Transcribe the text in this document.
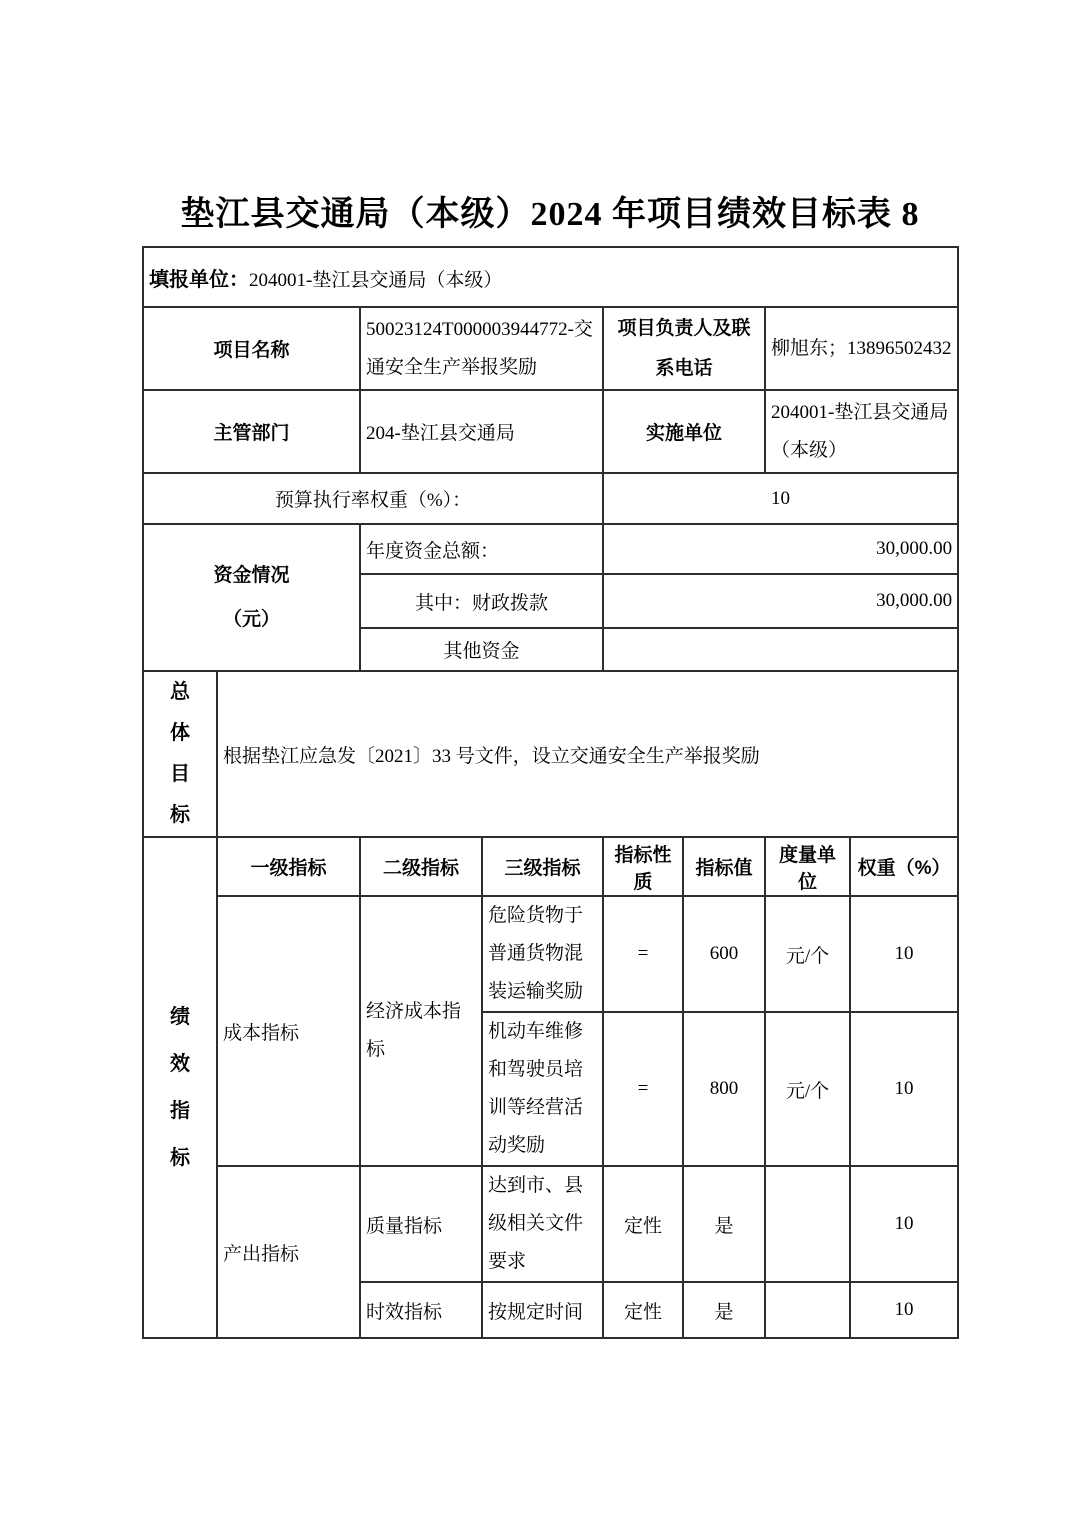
垫江县交通局（本级）2024 年项目绩效目标表 8
填报单位：204001-垫江县交通局（本级）							
项目名称		50023124T000003944772-交通安全生产举报奖励		项目负责人及联系电话		柳旭东；13896502432	
主管部门		204-垫江县交通局		实施单位		204001-垫江县交通局（本级）	
预算执行率权重（%）：				10			

资金情况
（元）		年度资金总额：		30,000.00			
		其中：财政拨款		30,000.00			
		其他资金					

总体目标	根据垫江应急发〔2021〕33 号文件，设立交通安全生产举报奖励						

绩效指标	一级指标	二级指标	三级指标	指标性质	指标值	度量单位	权重（%）
	成本指标	经济成本指标	危险货物于普通货物混装运输奖励	=	600	元/个	10
			机动车维修和驾驶员培训等经营活动奖励	=	800	元/个	10
	产出指标	质量指标	达到市、县级相关文件要求	定性	是		10
		时效指标	按规定时间	定性	是		10
